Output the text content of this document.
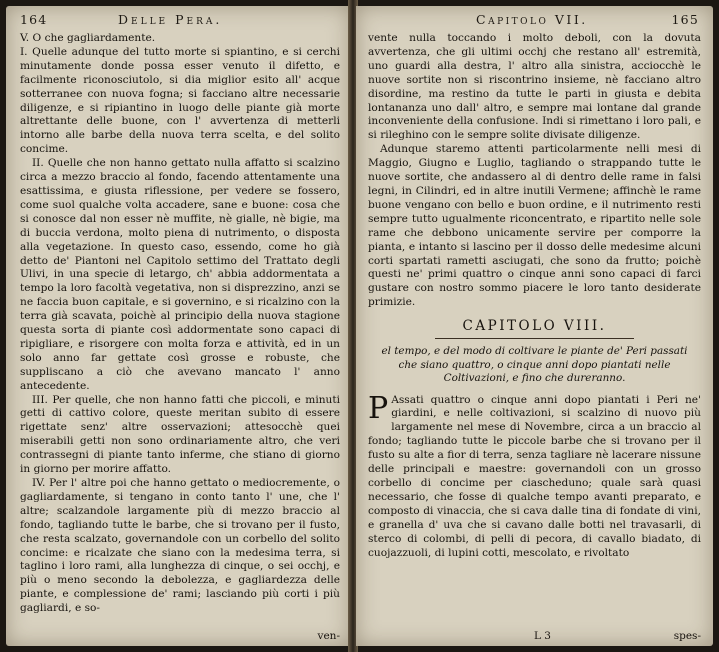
164	Delle Pera.

V. O che gagliardamente.

I. Quelle adunque del tutto morte si spiantino, e si cerchi minutamente donde possa esser venuto il difetto, e facilmente riconosciutolo, si dia miglior esito all' acque sotterranee con nuova fogna; si facciano altre necessarie diligenze, e si ripiantino in luogo delle piante già morte altrettante delle buone, con l' avvertenza di metterli intorno alle barbe della nuova terra scelta, e del solito concime.

II. Quelle che non hanno gettato nulla affatto si scalzino circa a mezzo braccio al fondo, facendo attentamente una esattissima, e giusta riflessione, per vedere se fossero, come suol qualche volta accadere, sane e buone: cosa che si conosce dal non esser nè muffite, nè gialle, nè bigie, ma di buccia verdona, molto piena di nutrimento, o disposta alla vegetazione. In questo caso, essendo, come ho già detto de' Piantoni nel Capitolo settimo del Trattato degli Ulivi, in una specie di letargo, ch' abbia addormentata a tempo la loro facoltà vegetativa, non si disprezzino, anzi se ne faccia buon capitale, e si governino, e si ricalzino con la terra già scavata, poichè al principio della nuova stagione questa sorta di piante così addormentate sono capaci di ripigliare, e risorgere con molta forza e attività, ed in un solo anno far gettate così grosse e robuste, che suppliscano a ciò che avevano mancato l' anno antecedente.

III. Per quelle, che non hanno fatti che piccoli, e minuti getti di cattivo colore, queste meritan subito di essere rigettate senz' altre osservazioni; attesocchè quei miserabili getti non sono ordinariamente altro, che veri contrassegni di piante tanto inferme, che stiano di giorno in giorno per morire affatto.

IV. Per l' altre poi che hanno gettato o mediocremente, o gagliardamente, si tengano in conto tanto l' une, che l' altre; scalzandole largamente più di mezzo braccio al fondo, tagliando tutte le barbe, che si trovano per il fusto, che resta scalzato, governandole con un corbello del solito concime: e ricalzate che siano con la medesima terra, si taglino i loro rami, alla lunghezza di cinque, o sei occhj, e più o meno secondo la debolezza, e gagliardezza delle piante, e complessione de' rami; lasciando più corti i più gagliardi, e so-

ven-
Capitolo VII.	165

vente nulla toccando i molto deboli, con la dovuta avvertenza, che gli ultimi occhj che restano all' estremità, uno guardi alla destra, l' altro alla sinistra, acciocchè le nuove sortite non si riscontrino insieme, nè facciano altro disordine, ma restino da tutte le parti in giusta e debita lontananza uno dall' altro, e sempre mai lontane dal grande inconveniente della confusione. Indi si rimettano i loro pali, e si rileghino con le sempre solite divisate diligenze.

Adunque staremo attenti particolarmente nelli mesi di Maggio, Giugno e Luglio, tagliando o strappando tutte le nuove sortite, che andassero al di dentro delle rame in falsi legni, in Cilindri, ed in altre inutili Vermene; affinchè le rame buone vengano con bello e buon ordine, e il nutrimento resti sempre tutto ugualmente riconcentrato, e ripartito nelle sole rame che debbono unicamente servire per comporre la pianta, e intanto si lascino per il dosso delle medesime alcuni corti spartati rametti asciugati, che sono da frutto; poichè questi ne' primi quattro o cinque anni sono capaci di farci gustare con nostro sommo piacere le loro tanto desiderate primizie.

CAPITOLO VIII.
el tempo, e del modo di coltivare le piante de' Peri passati che siano quattro, o cinque anni dopo piantati nelle Coltivazioni, e fino che dureranno.

P Assati quattro o cinque anni dopo piantati i Peri ne' giardini, e nelle coltivazioni, si scalzino di nuovo più largamente nel mese di Novembre, circa a un braccio al fondo; tagliando tutte le piccole barbe che si trovano per il fusto su alte a fior di terra, senza tagliare nè lacerare nissune delle principali e maestre: governandoli con un grosso corbello di concime per ciascheduno; quale sarà quasi necessario, che fosse di qualche tempo avanti preparato, e composto di vinaccia, che si cava dalle tina di fondate di vini, e granella d' uva che si cavano dalle botti nel travasarli, di sterco di colombi, di pelli di pecora, di cavallo biadato, di cuojazzuoli, di lupini cotti, mescolato, e rivoltato

L 3	spes-
